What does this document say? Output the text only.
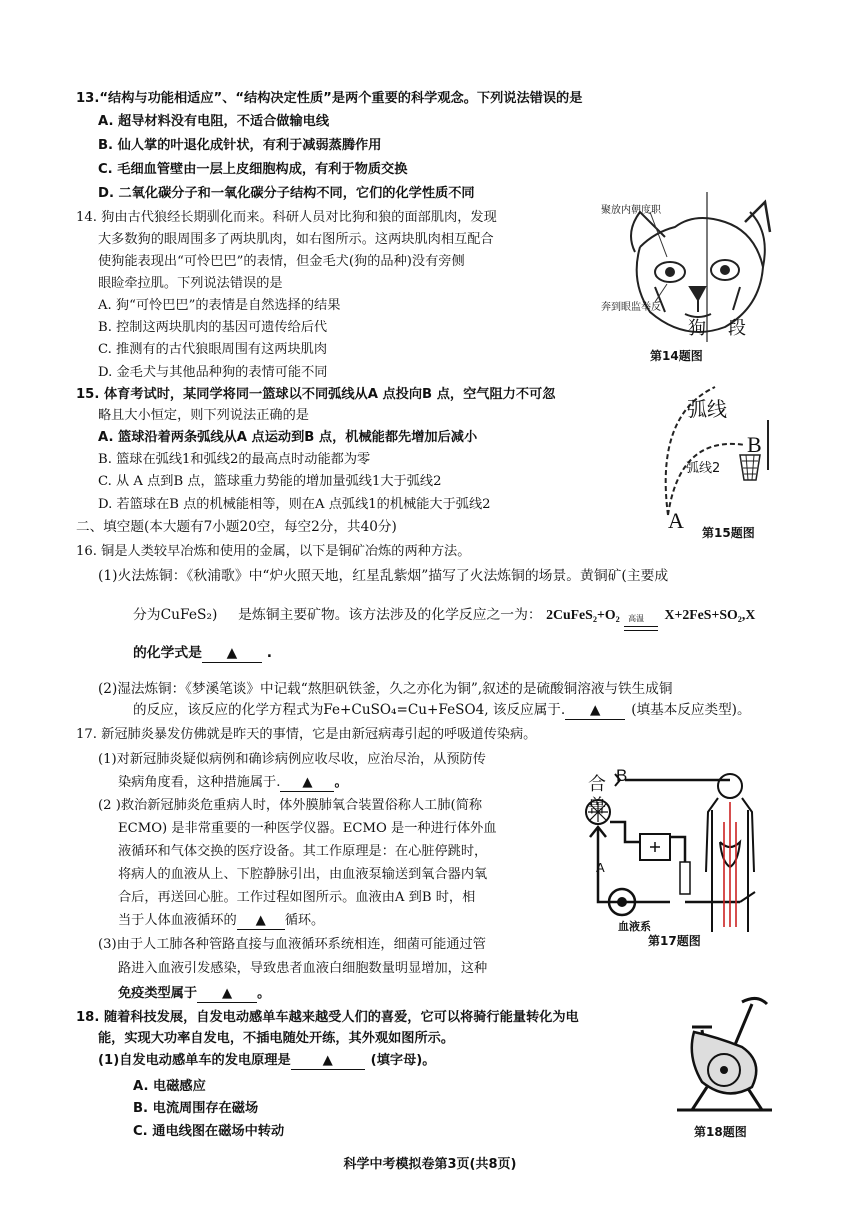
13.“结构与功能相适应”、“结构决定性质”是两个重要的科学观念。下列说法错误的是
A. 超导材料没有电阻，不适合做输电线
B. 仙人掌的叶退化成针状，有利于减弱蒸腾作用
C. 毛细血管壁由一层上皮细胞构成，有利于物质交换
D. 二氧化碳分子和一氧化碳分子结构不同，它们的化学性质不同
14. 狗由古代狼经长期驯化而来。科研人员对比狗和狼的面部肌肉，发现
大多数狗的眼周围多了两块肌肉，如右图所示。这两块肌肉相互配合
使狗能表现出“可怜巴巴”的表情，但金毛犬(狗的品种)没有旁侧
眼睑牵拉肌。下列说法错误的是
A. 狗“可怜巴巴”的表情是自然选择的结果
B. 控制这两块肌肉的基因可遗传给后代
C. 推测有的古代狼眼周围有这两块肌肉
D. 金毛犬与其他品种狗的表情可能不同
聚放内朝度职
奔到眼监举反
狗 段
第14题图
15. 体育考试时，某同学将同一篮球以不同弧线从A 点投向B 点，空气阻力不可忽
略且大小恒定，则下列说法正确的是
A. 篮球沿着两条弧线从A 点运动到B 点，机械能都先增加后减小
B. 篮球在弧线1和弧线2的最高点时动能都为零
C. 从 A 点到B 点，篮球重力势能的增加量弧线1大于弧线2
D. 若篮球在B 点的机械能相等，则在A 点弧线1的机械能大于弧线2
弧线
弧线2
B
A 第15题图
二、填空题(本大题有7小题20空，每空2分，共40分)
16. 铜是人类较早冶炼和使用的金属，以下是铜矿冶炼的两种方法。
(1)火法炼铜：《秋浦歌》中“炉火照天地，红星乱紫烟”描写了火法炼铜的场景。黄铜矿(主要成
分为CuFeS₂) 是炼铜主要矿物。该方法涉及的化学反应之一为： 2CuFeS₂+O₂ 高温 X+2FeS+SO₂,X
的化学式是 ▲ .
(2)湿法炼铜：《梦溪笔谈》中记载“熬胆矾铁釜，久之亦化为铜”,叙述的是硫酸铜溶液与铁生成铜
的反应，该反应的化学方程式为Fe+CuSO₄=Cu+FeSO4, 该反应属于. ▲ (填基本反应类型)。
17. 新冠肺炎暴发仿佛就是昨天的事情，它是由新冠病毒引起的呼吸道传染病。
(1)对新冠肺炎疑似病例和确诊病例应收尽收，应治尽治，从预防传
染病角度看，这种措施属于. ▲ 。
(2 )救治新冠肺炎危重病人时，体外膜肺氧合装置俗称人工肺(简称
ECMO) 是非常重要的一种医学仪器。ECMO 是一种进行体外血
液循环和气体交换的医疗设备。其工作原理是：在心脏停跳时，
将病人的血液从上、下腔静脉引出，由血液泵输送到氧合器内氧
合后，再送回心脏。工作过程如图所示。血液由A 到B 时，相
当于人体血液循环的 ▲ 循环。
(3)由于人工肺各种管路直接与血液循环系统相连，细菌可能通过管
路进入血液引发感染，导致患者血液白细胞数量明显增加，这种
免疫类型属于 ▲ 。
合
兽
B
A
血液系
第17题图
18. 随着科技发展，自发电动感单车越来越受人们的喜爱，它可以将骑行能量转化为电
能，实现大功率自发电，不插电随处开练，其外观如图所示。
(1)自发电动感单车的发电原理是 ▲	(填字母)。
A. 电磁感应
B. 电流周围存在磁场
C. 通电线图在磁场中转动	第18题图
科学中考模拟卷第3页(共8页)
